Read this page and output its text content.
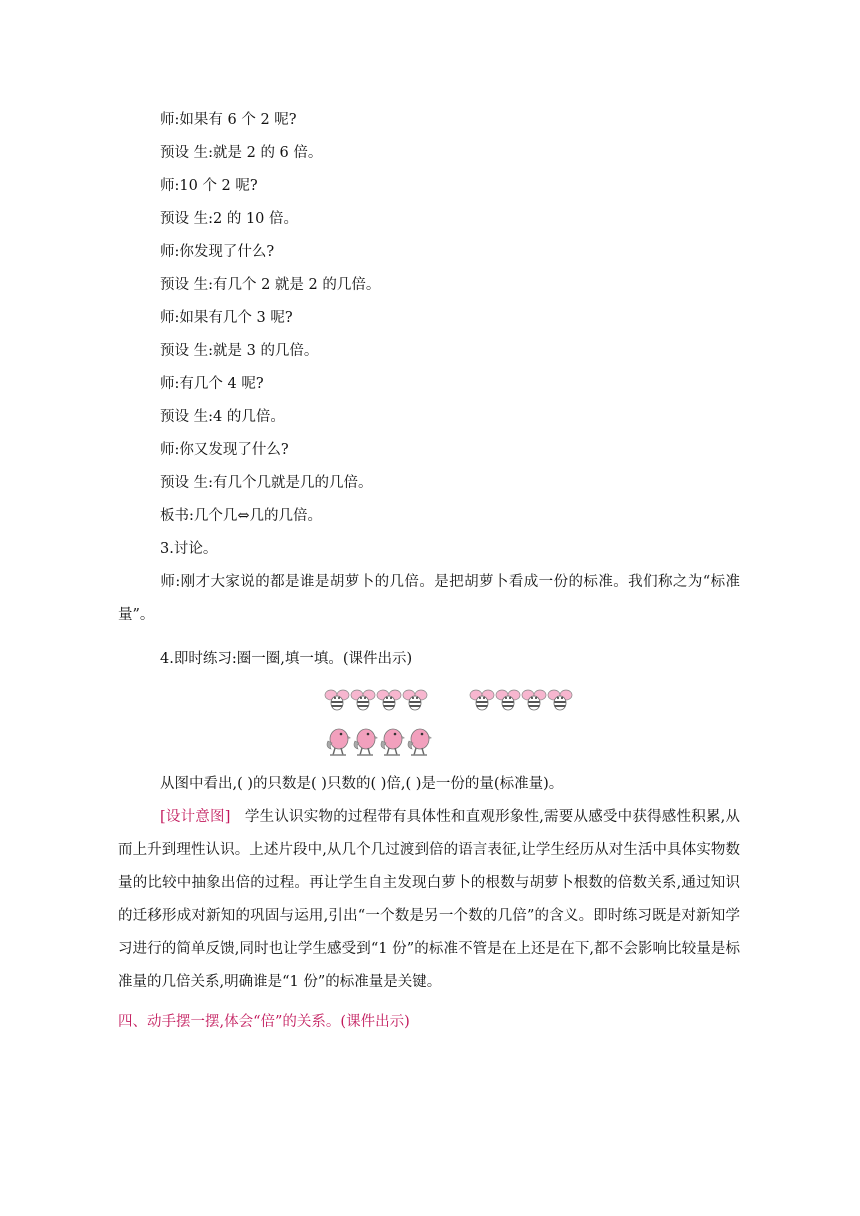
师:如果有 6 个 2 呢?
预设 生:就是 2 的 6 倍。
师:10 个 2 呢?
预设 生:2 的 10 倍。
师:你发现了什么?
预设 生:有几个 2 就是 2 的几倍。
师:如果有几个 3 呢?
预设 生:就是 3 的几倍。
师:有几个 4 呢?
预设 生:4 的几倍。
师:你又发现了什么?
预设 生:有几个几就是几的几倍。
板书:几个几⇔几的几倍。
3.讨论。
师:刚才大家说的都是谁是胡萝卜的几倍。是把胡萝卜看成一份的标准。我们称之为“标准量”。
4.即时练习:圈一圈,填一填。(课件出示)

从图中看出,( )的只数是( )只数的( )倍,( )是一份的量(标准量)。
[设计意图] 学生认识实物的过程带有具体性和直观形象性,需要从感受中获得感性积累,从而上升到理性认识。上述片段中,从几个几过渡到倍的语言表征,让学生经历从对生活中具体实物数量的比较中抽象出倍的过程。再让学生自主发现白萝卜的根数与胡萝卜根数的倍数关系,通过知识的迁移形成对新知的巩固与运用,引出“一个数是另一个数的几倍”的含义。即时练习既是对新知学习进行的简单反馈,同时也让学生感受到“1 份”的标准不管是在上还是在下,都不会影响比较量是标准量的几倍关系,明确谁是“1 份”的标准量是关键。
四、动手摆一摆,体会“倍”的关系。(课件出示)
